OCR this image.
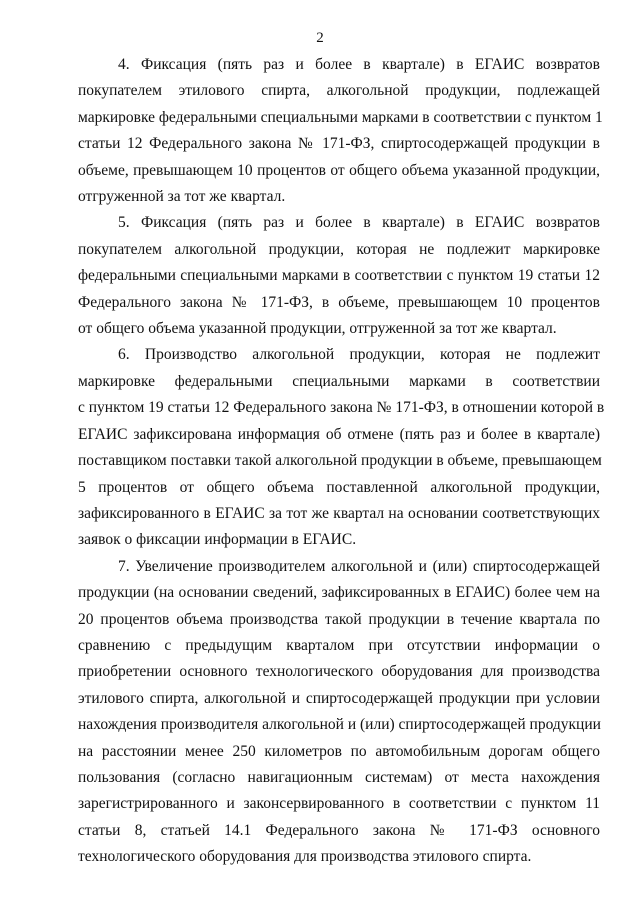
2
4. Фиксация (пять раз и более в квартале) в ЕГАИС возвратов
покупателем этилового спирта, алкогольной продукции, подлежащей
маркировке федеральными специальными марками в соответствии с пунктом 1
статьи 12 Федерального закона № 171-ФЗ, спиртосодержащей продукции в
объеме, превышающем 10 процентов от общего объема указанной продукции,
отгруженной за тот же квартал.
5. Фиксация (пять раз и более в квартале) в ЕГАИС возвратов
покупателем алкогольной продукции, которая не подлежит маркировке
федеральными специальными марками в соответствии с пунктом 19 статьи 12
Федерального закона № 171-ФЗ, в объеме, превышающем 10 процентов
от общего объема указанной продукции, отгруженной за тот же квартал.
6. Производство алкогольной продукции, которая не подлежит
маркировке федеральными специальными марками в соответствии
с пунктом 19 статьи 12 Федерального закона № 171-ФЗ, в отношении которой в
ЕГАИС зафиксирована информация об отмене (пять раз и более в квартале)
поставщиком поставки такой алкогольной продукции в объеме, превышающем
5 процентов от общего объема поставленной алкогольной продукции,
зафиксированного в ЕГАИС за тот же квартал на основании соответствующих
заявок о фиксации информации в ЕГАИС.
7. Увеличение производителем алкогольной и (или) спиртосодержащей
продукции (на основании сведений, зафиксированных в ЕГАИС) более чем на
20 процентов объема производства такой продукции в течение квартала по
сравнению с предыдущим кварталом при отсутствии информации о
приобретении основного технологического оборудования для производства
этилового спирта, алкогольной и спиртосодержащей продукции при условии
нахождения производителя алкогольной и (или) спиртосодержащей продукции
на расстоянии менее 250 километров по автомобильным дорогам общего
пользования (согласно навигационным системам) от места нахождения
зарегистрированного и законсервированного в соответствии с пунктом 11
статьи 8, статьей 14.1 Федерального закона № 171-ФЗ основного
технологического оборудования для производства этилового спирта.
